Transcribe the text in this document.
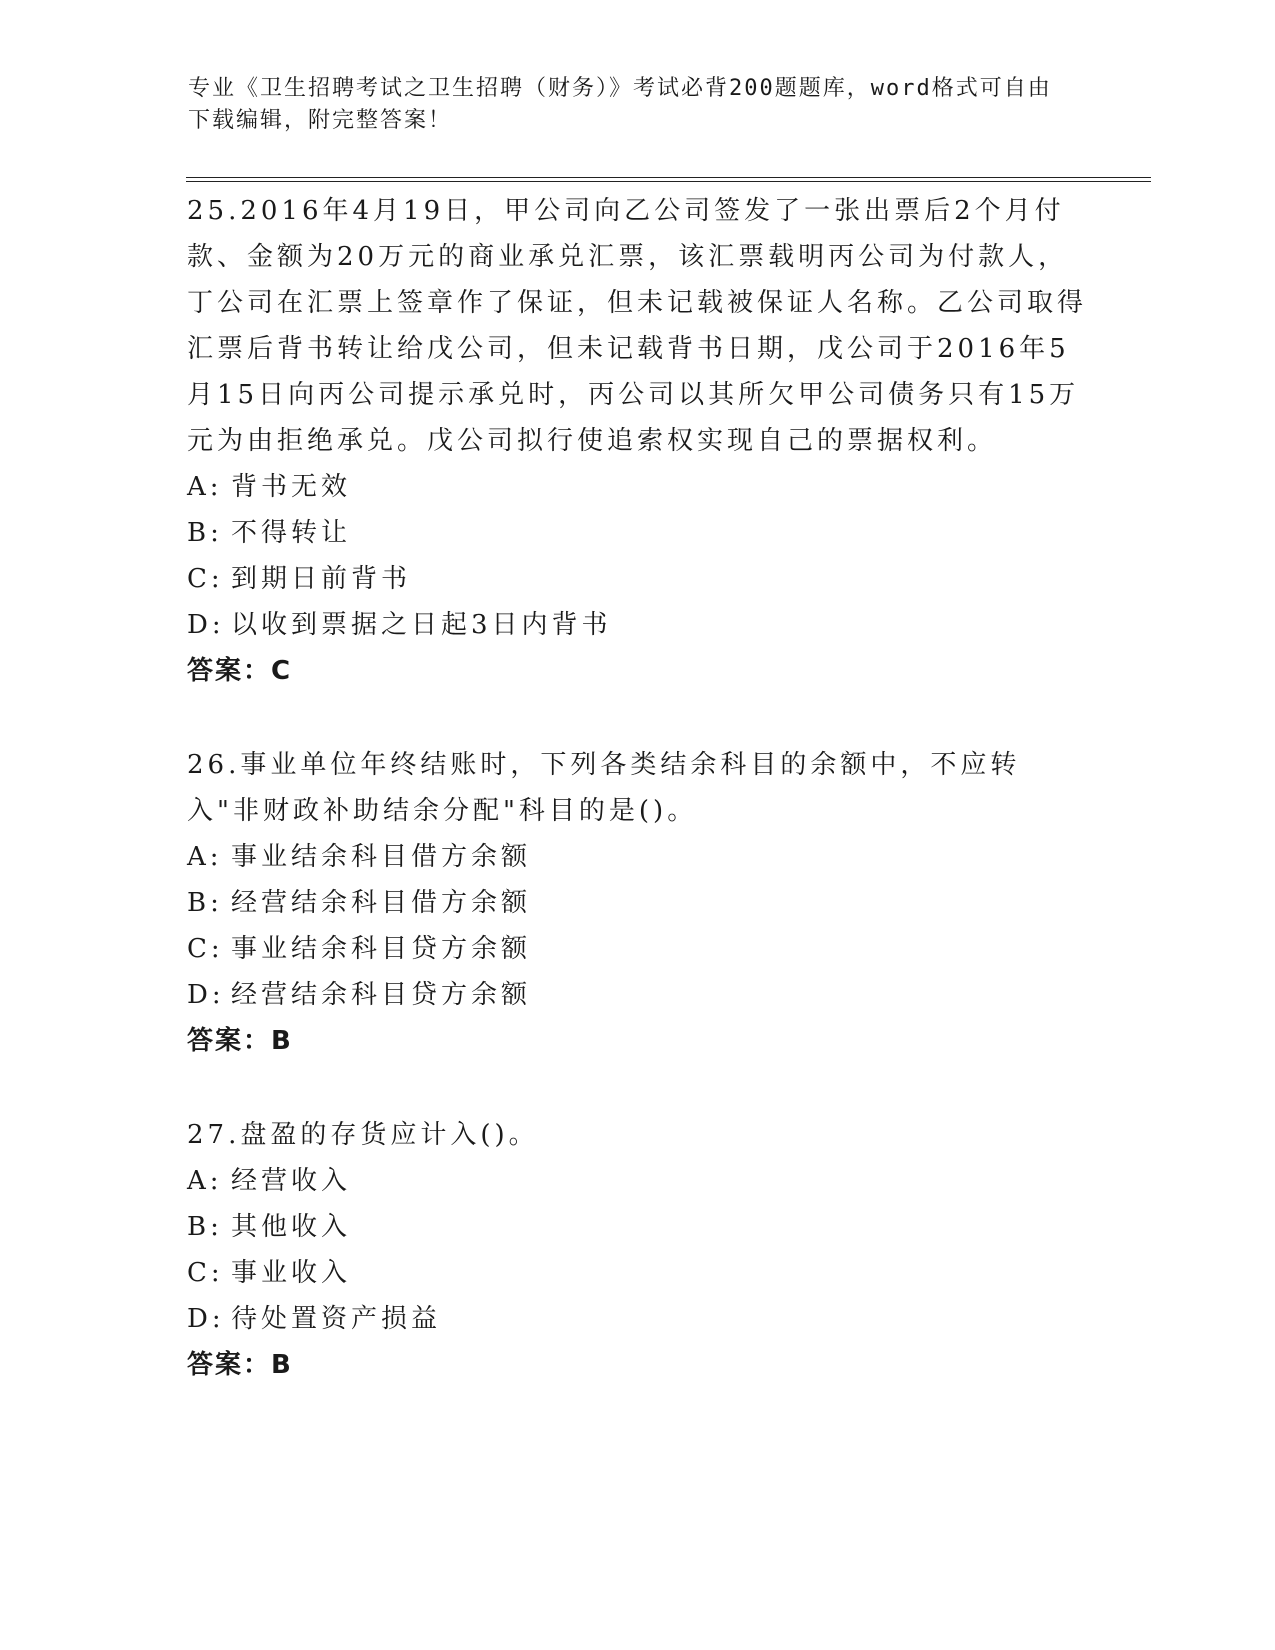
专业《卫生招聘考试之卫生招聘（财务）》考试必背200题题库，word格式可自由下载编辑，附完整答案！

25.2016年4月19日，甲公司向乙公司签发了一张出票后2个月付款、金额为20万元的商业承兑汇票，该汇票载明丙公司为付款人，丁公司在汇票上签章作了保证，但未记载被保证人名称。乙公司取得汇票后背书转让给戊公司，但未记载背书日期，戊公司于2016年5月15日向丙公司提示承兑时，丙公司以其所欠甲公司债务只有15万元为由拒绝承兑。戊公司拟行使追索权实现自己的票据权利。

A: 背书无效
B: 不得转让
C: 到期日前背书
D: 以收到票据之日起3日内背书
答案：C

26.事业单位年终结账时，下列各类结余科目的余额中，不应转入"非财政补助结余分配"科目的是()。

A: 事业结余科目借方余额
B: 经营结余科目借方余额
C: 事业结余科目贷方余额
D: 经营结余科目贷方余额
答案：B

27.盘盈的存货应计入()。

A: 经营收入
B: 其他收入
C: 事业收入
D: 待处置资产损益
答案：B
